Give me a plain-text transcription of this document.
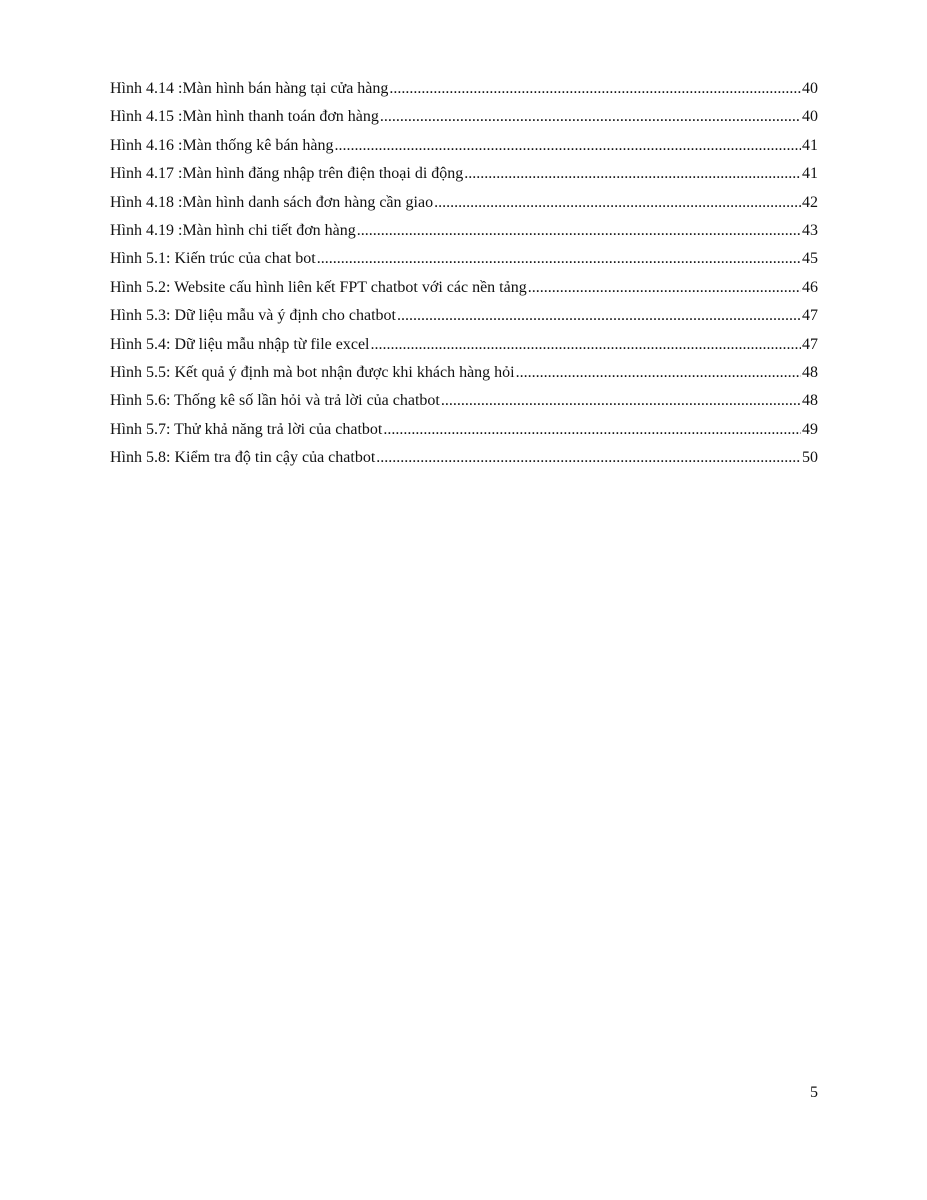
Hình 4.14 :Màn hình bán hàng tại cửa hàng .....	40
Hình 4.15 :Màn hình thanh toán đơn hàng .....	40
Hình 4.16 :Màn thống kê bán hàng .....	41
Hình 4.17 :Màn hình đăng nhập trên điện thoại di động .....	41
Hình 4.18 :Màn hình danh sách đơn hàng cần giao .....	42
Hình 4.19 :Màn hình chi tiết đơn hàng .....	43
Hình 5.1: Kiến trúc của chat bot .....	45
Hình 5.2: Website cấu hình liên kết FPT chatbot với các nền tảng .....	46
Hình 5.3: Dữ liệu mẫu và ý định cho chatbot .....	47
Hình 5.4: Dữ liệu mẫu nhập từ file excel .....	47
Hình 5.5: Kết quả ý định mà bot nhận được khi khách hàng hỏi .....	48
Hình 5.6: Thống kê số lần hỏi và trả lời của chatbot .....	48
Hình 5.7: Thử khả năng trả lời của chatbot .....	49
Hình 5.8: Kiểm tra độ tin cậy của chatbot .....	50
5
